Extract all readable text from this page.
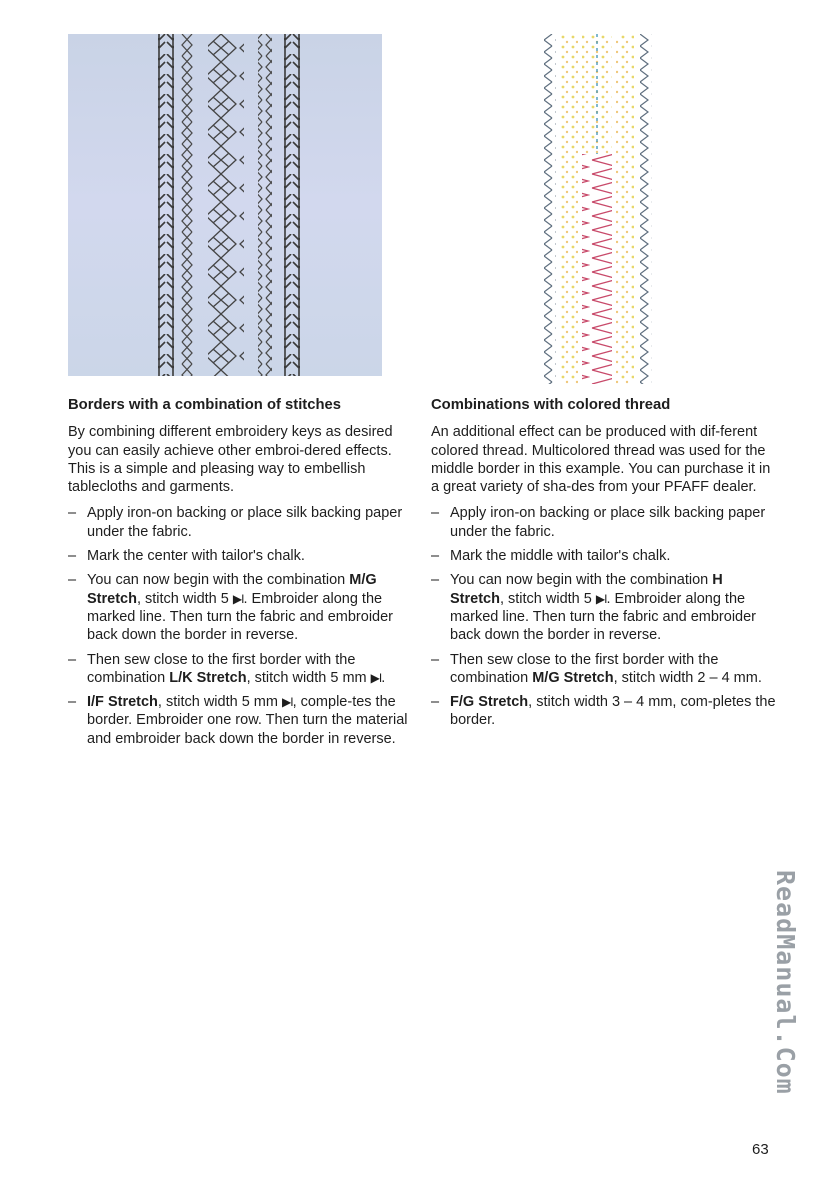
Borders with a combination of stitches
By combining different embroidery keys as desired you can easily achieve other embroi-dered effects. This is a simple and pleasing way to embellish tablecloths and garments.
– Apply iron-on backing or place silk backing paper under the fabric.
– Mark the center with tailor's chalk.
– You can now begin with the combination M/G Stretch, stitch width 5 ▶I. Embroider along the marked line. Then turn the fabric and embroider back down the border in reverse.
– Then sew close to the first border with the combination L/K Stretch, stitch width 5 mm ▶I.
– I/F Stretch, stitch width 5 mm ▶I, comple-tes the border. Embroider one row. Then turn the material and embroider back down the border in reverse.
Combinations with colored thread
An additional effect can be produced with dif-ferent colored thread. Multicolored thread was used for the middle border in this example. You can purchase it in a great variety of sha-des from your PFAFF dealer.
– Apply iron-on backing or place silk backing paper under the fabric.
– Mark the middle with tailor's chalk.
– You can now begin with the combination H Stretch, stitch width 5 ▶I. Embroider along the marked line. Then turn the fabric and embroider back down the border in reverse.
– Then sew close to the first border with the combination M/G Stretch, stitch width 2 – 4 mm.
– F/G Stretch, stitch width 3 – 4 mm, com-pletes the border.
ReadManual.Com
63
